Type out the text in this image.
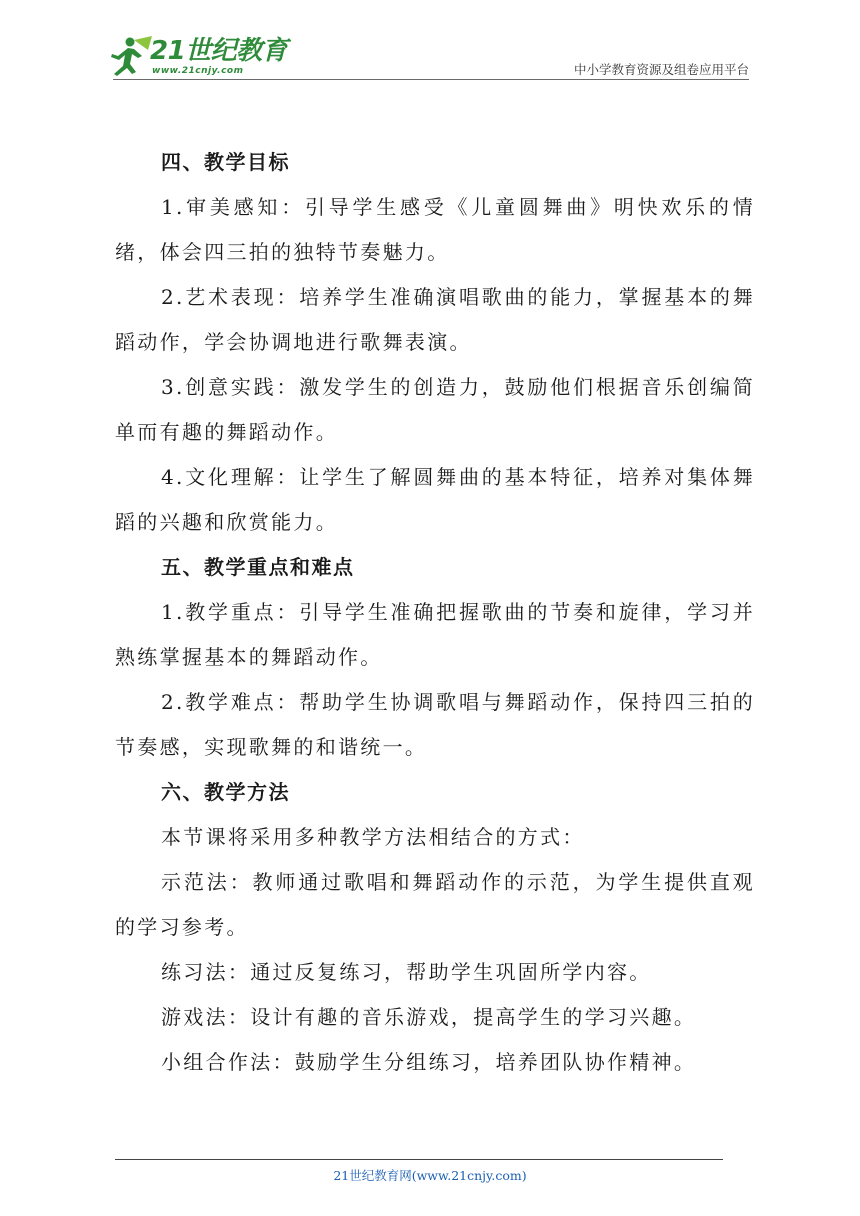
21世纪教育
www.21cnjy.com	中小学教育资源及组卷应用平台

四、教学目标

1.审美感知：引导学生感受《儿童圆舞曲》明快欢乐的情绪，体会四三拍的独特节奏魅力。

2.艺术表现：培养学生准确演唱歌曲的能力，掌握基本的舞蹈动作，学会协调地进行歌舞表演。

3.创意实践：激发学生的创造力，鼓励他们根据音乐创编简单而有趣的舞蹈动作。

4.文化理解：让学生了解圆舞曲的基本特征，培养对集体舞蹈的兴趣和欣赏能力。

五、教学重点和难点

1.教学重点：引导学生准确把握歌曲的节奏和旋律，学习并熟练掌握基本的舞蹈动作。

2.教学难点：帮助学生协调歌唱与舞蹈动作，保持四三拍的节奏感，实现歌舞的和谐统一。

六、教学方法

本节课将采用多种教学方法相结合的方式：

示范法：教师通过歌唱和舞蹈动作的示范，为学生提供直观的学习参考。

练习法：通过反复练习，帮助学生巩固所学内容。

游戏法：设计有趣的音乐游戏，提高学生的学习兴趣。

小组合作法：鼓励学生分组练习，培养团队协作精神。

21世纪教育网(www.21cnjy.com)
